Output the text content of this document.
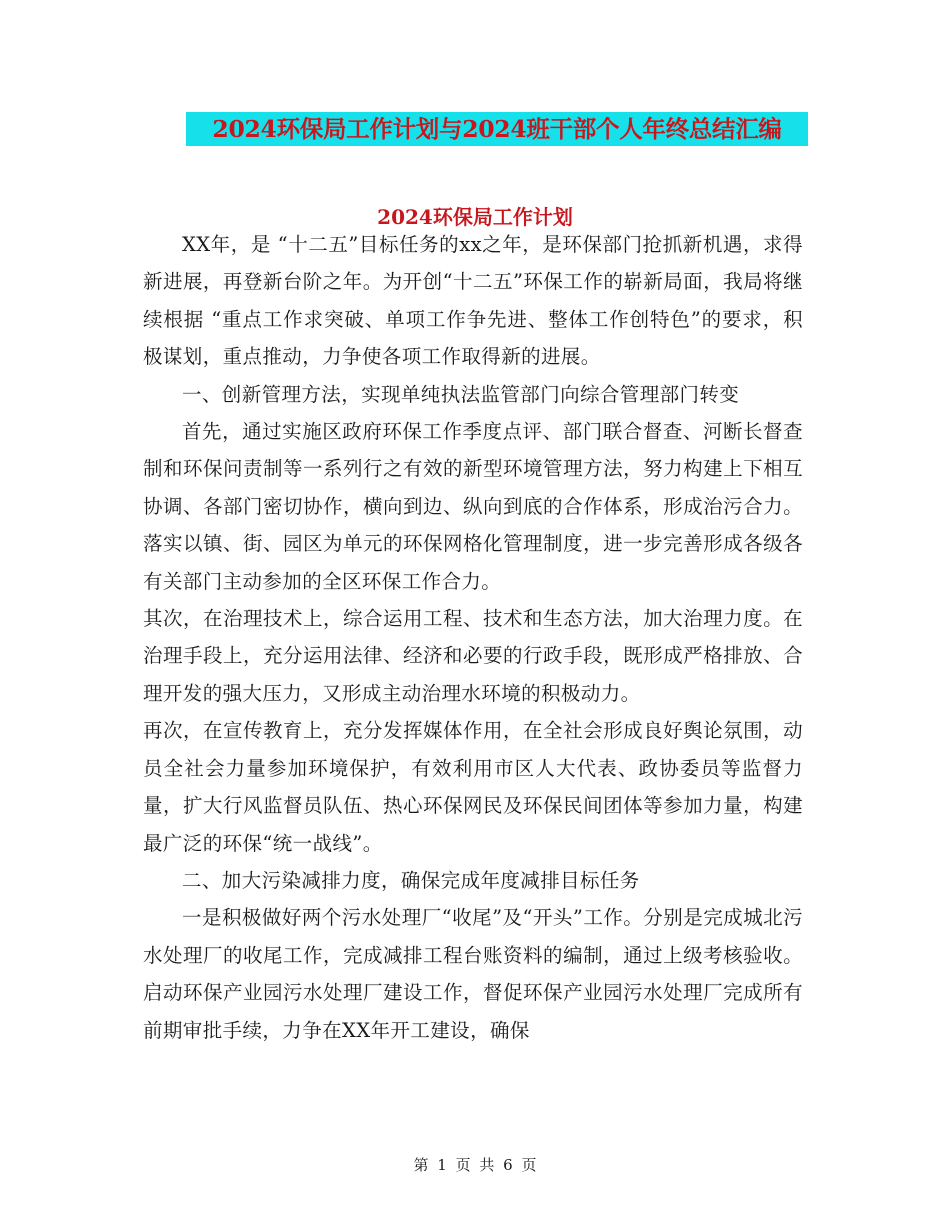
2024环保局工作计划与2024班干部个人年终总结汇编
2024环保局工作计划

XX年，是 “十二五”目标任务的xx之年，是环保部门抢抓新机遇，求得新进展，再登新台阶之年。为开创“十二五”环保工作的崭新局面，我局将继续根据 “重点工作求突破、单项工作争先进、整体工作创特色”的要求，积极谋划，重点推动，力争使各项工作取得新的进展。

一、创新管理方法，实现单纯执法监管部门向综合管理部门转变

首先，通过实施区政府环保工作季度点评、部门联合督查、河断长督查制和环保问责制等一系列行之有效的新型环境管理方法，努力构建上下相互协调、各部门密切协作，横向到边、纵向到底的合作体系，形成治污合力。落实以镇、街、园区为单元的环保网格化管理制度，进一步完善形成各级各有关部门主动参加的全区环保工作合力。

其次，在治理技术上，综合运用工程、技术和生态方法，加大治理力度。在治理手段上，充分运用法律、经济和必要的行政手段，既形成严格排放、合理开发的强大压力，又形成主动治理水环境的积极动力。

再次，在宣传教育上，充分发挥媒体作用，在全社会形成良好舆论氛围，动员全社会力量参加环境保护，有效利用市区人大代表、政协委员等监督力量，扩大行风监督员队伍、热心环保网民及环保民间团体等参加力量，构建最广泛的环保“统一战线”。

二、加大污染减排力度，确保完成年度减排目标任务

一是积极做好两个污水处理厂“收尾”及“开头”工作。分别是完成城北污水处理厂的收尾工作，完成减排工程台账资料的编制，通过上级考核验收。启动环保产业园污水处理厂建设工作，督促环保产业园污水处理厂完成所有前期审批手续，力争在XX年开工建设，确保

第 1 页 共 6 页
